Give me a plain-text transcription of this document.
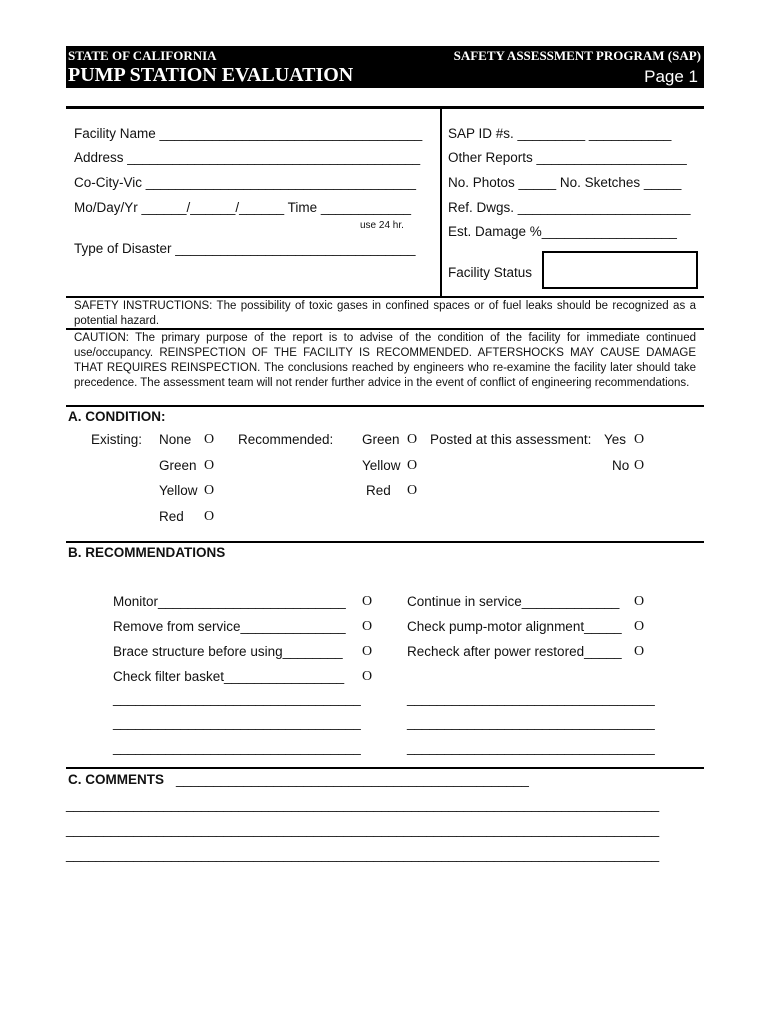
STATE OF CALIFORNIA	SAFETY ASSESSMENT PROGRAM (SAP)
PUMP STATION EVALUATION	Page 1
Facility Name ___________________________________
Address _______________________________________
Co-City-Vic ____________________________________
Mo/Day/Yr ______/______/______ Time ____________
use 24 hr.
Type of Disaster ________________________________
SAP ID #s. _________ ___________
Other Reports ____________________
No. Photos _____ No. Sketches _____
Ref. Dwgs. _______________________
Est. Damage %__________________
Facility Status
SAFETY INSTRUCTIONS: The possibility of toxic gases in confined spaces or of fuel leaks should be recognized as a potential hazard.
CAUTION: The primary purpose of the report is to advise of the condition of the facility for immediate continued use/occupancy. REINSPECTION OF THE FACILITY IS RECOMMENDED. AFTERSHOCKS MAY CAUSE DAMAGE THAT REQUIRES REINSPECTION. The conclusions reached by engineers who re-examine the facility later should take precedence. The assessment team will not render further advice in the event of conflict of engineering recommendations.
A. CONDITION:
Existing: None O
Green O
Yellow O
Red O
Recommended: Green O
Yellow O
Red O
Posted at this assessment: Yes O
No O
B. RECOMMENDATIONS
Monitor_________________________ O
Remove from service______________ O
Brace structure before using________ O
Check filter basket________________ O
_________________________________
_________________________________
_________________________________
Continue in service_____________ O
Check pump-motor alignment_____ O
Recheck after power restored_____ O
_________________________________
_________________________________
_________________________________
C. COMMENTS _______________________________________________
_______________________________________________________________________________
_______________________________________________________________________________
_______________________________________________________________________________
